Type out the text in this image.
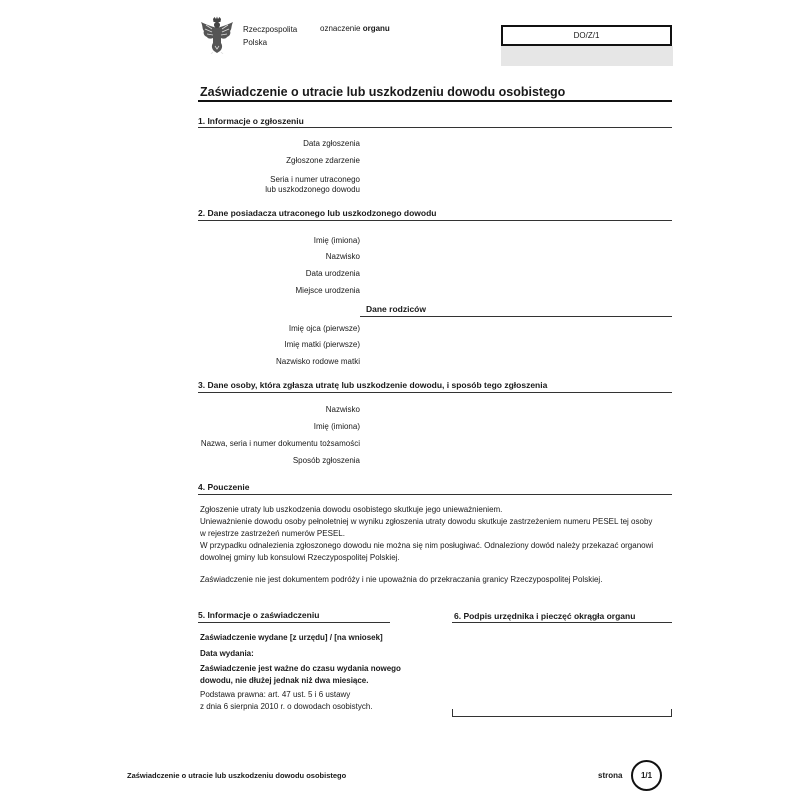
Rzeczpospolita
Polska
oznaczenie organu
DO/Z/1
Zaświadczenie o utracie lub uszkodzeniu dowodu osobistego
1. Informacje o zgłoszeniu
Data zgłoszenia
Zgłoszone zdarzenie
Seria i numer utraconego
lub uszkodzonego dowodu
2. Dane posiadacza utraconego lub uszkodzonego dowodu
Imię (imiona)
Nazwisko
Data urodzenia
Miejsce urodzenia
Dane rodziców
Imię ojca (pierwsze)
Imię matki (pierwsze)
Nazwisko rodowe matki
3. Dane osoby, która zgłasza utratę lub uszkodzenie dowodu, i sposób tego zgłoszenia
Nazwisko
Imię (imiona)
Nazwa, seria i numer dokumentu tożsamości
Sposób zgłoszenia
4. Pouczenie
Zgłoszenie utraty lub uszkodzenia dowodu osobistego skutkuje jego unieważnieniem.
Unieważnienie dowodu osoby pełnoletniej w wyniku zgłoszenia utraty dowodu skutkuje zastrzeżeniem numeru PESEL tej osoby
w rejestrze zastrzeżeń numerów PESEL.
W przypadku odnalezienia zgłoszonego dowodu nie można się nim posługiwać. Odnaleziony dowód należy przekazać organowi
dowolnej gminy lub konsulowi Rzeczypospolitej Polskiej.
Zaświadczenie nie jest dokumentem podróży i nie upoważnia do przekraczania granicy Rzeczypospolitej Polskiej.
5. Informacje o zaświadczeniu
Zaświadczenie wydane [z urzędu] / [na wniosek]
Data wydania:
Zaświadczenie jest ważne do czasu wydania nowego
dowodu, nie dłużej jednak niż dwa miesiące.
Podstawa prawna: art. 47 ust. 5 i 6 ustawy
z dnia 6 sierpnia 2010 r. o dowodach osobistych.
6. Podpis urzędnika i pieczęć okrągła organu
Zaświadczenie o utracie lub uszkodzeniu dowodu osobistego	strona	1/1
